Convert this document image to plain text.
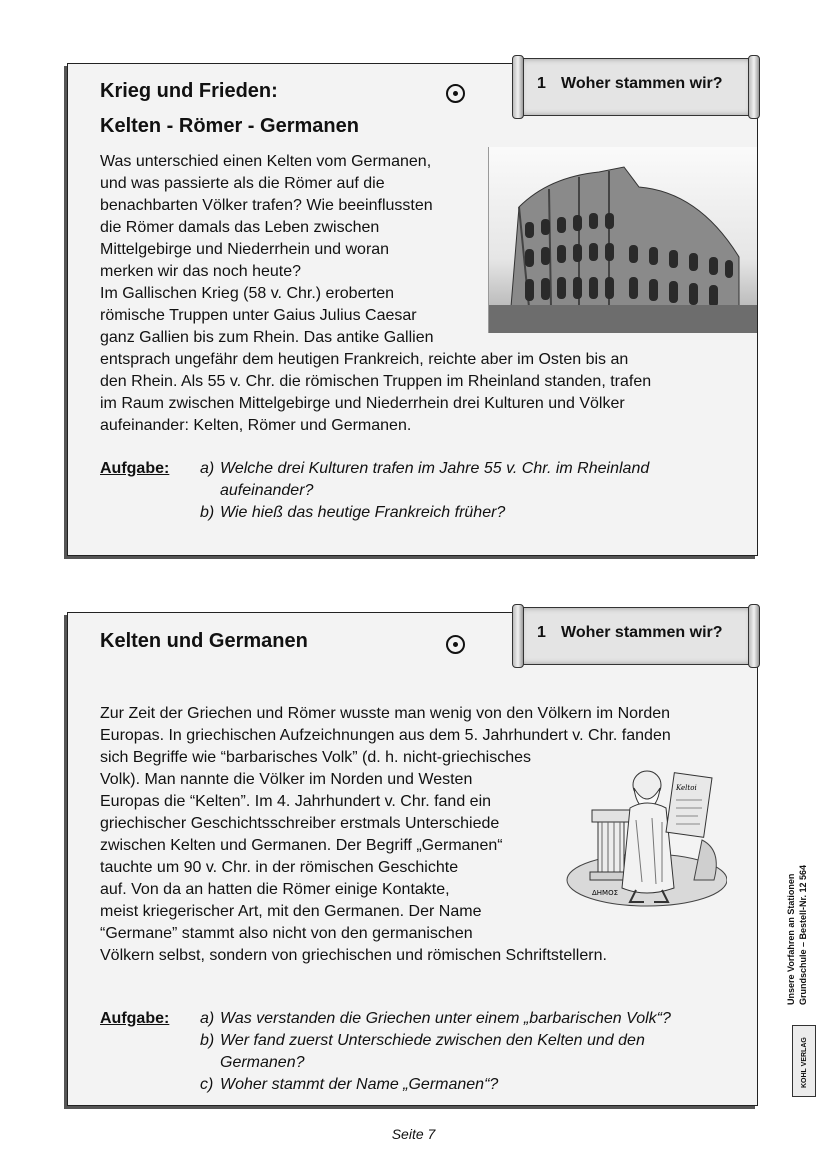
Krieg und Frieden:
Kelten - Römer - Germanen

Was unterschied einen Kelten vom Germanen,
und was passierte als die Römer auf die
benachbarten Völker trafen? Wie beeinflussten
die Römer damals das Leben zwischen
Mittelgebirge und Niederrhein und woran
merken wir das noch heute?
Im Gallischen Krieg (58 v. Chr.) eroberten
römische Truppen unter Gaius Julius Caesar
ganz Gallien bis zum Rhein. Das antike Gallien
entsprach ungefähr dem heutigen Frankreich, reichte aber im Osten bis an
den Rhein. Als 55 v. Chr. die römischen Truppen im Rheinland standen, trafen
im Raum zwischen Mittelgebirge und Niederrhein drei Kulturen und Völker
aufeinander: Kelten, Römer und Germanen.

Aufgabe: a) Welche drei Kulturen trafen im Jahre 55 v. Chr. im Rheinland
aufeinander?
b) Wie hieß das heutige Frankreich früher?
1 Woher stammen wir?
Kelten und Germanen
ΔΗΜΟΣ
Keltoi

Zur Zeit der Griechen und Römer wusste man wenig von den Völkern im Norden
Europas. In griechischen Aufzeichnungen aus dem 5. Jahrhundert v. Chr. fanden
sich Begriffe wie “barbarisches Volk” (d. h. nicht-griechisches
Volk). Man nannte die Völker im Norden und Westen
Europas die “Kelten”. Im 4. Jahrhundert v. Chr. fand ein
griechischer Geschichtsschreiber erstmals Unterschiede
zwischen Kelten und Germanen. Der Begriff „Germanen“
tauchte um 90 v. Chr. in der römischen Geschichte
auf. Von da an hatten die Römer einige Kontakte,
meist kriegerischer Art, mit den Germanen. Der Name
“Germane” stammt also nicht von den germanischen
Völkern selbst, sondern von griechischen und römischen Schriftstellern.

Aufgabe: a) Was verstanden die Griechen unter einem „barbarischen Volk“?
b) Wer fand zuerst Unterschiede zwischen den Kelten und den
Germanen?
c) Woher stammt der Name „Germanen“?
1 Woher stammen wir?
Unsere Vorfahren an Stationen Grundschule – Bestell-Nr. 12 564
KOHL VERLAG
Seite 7
